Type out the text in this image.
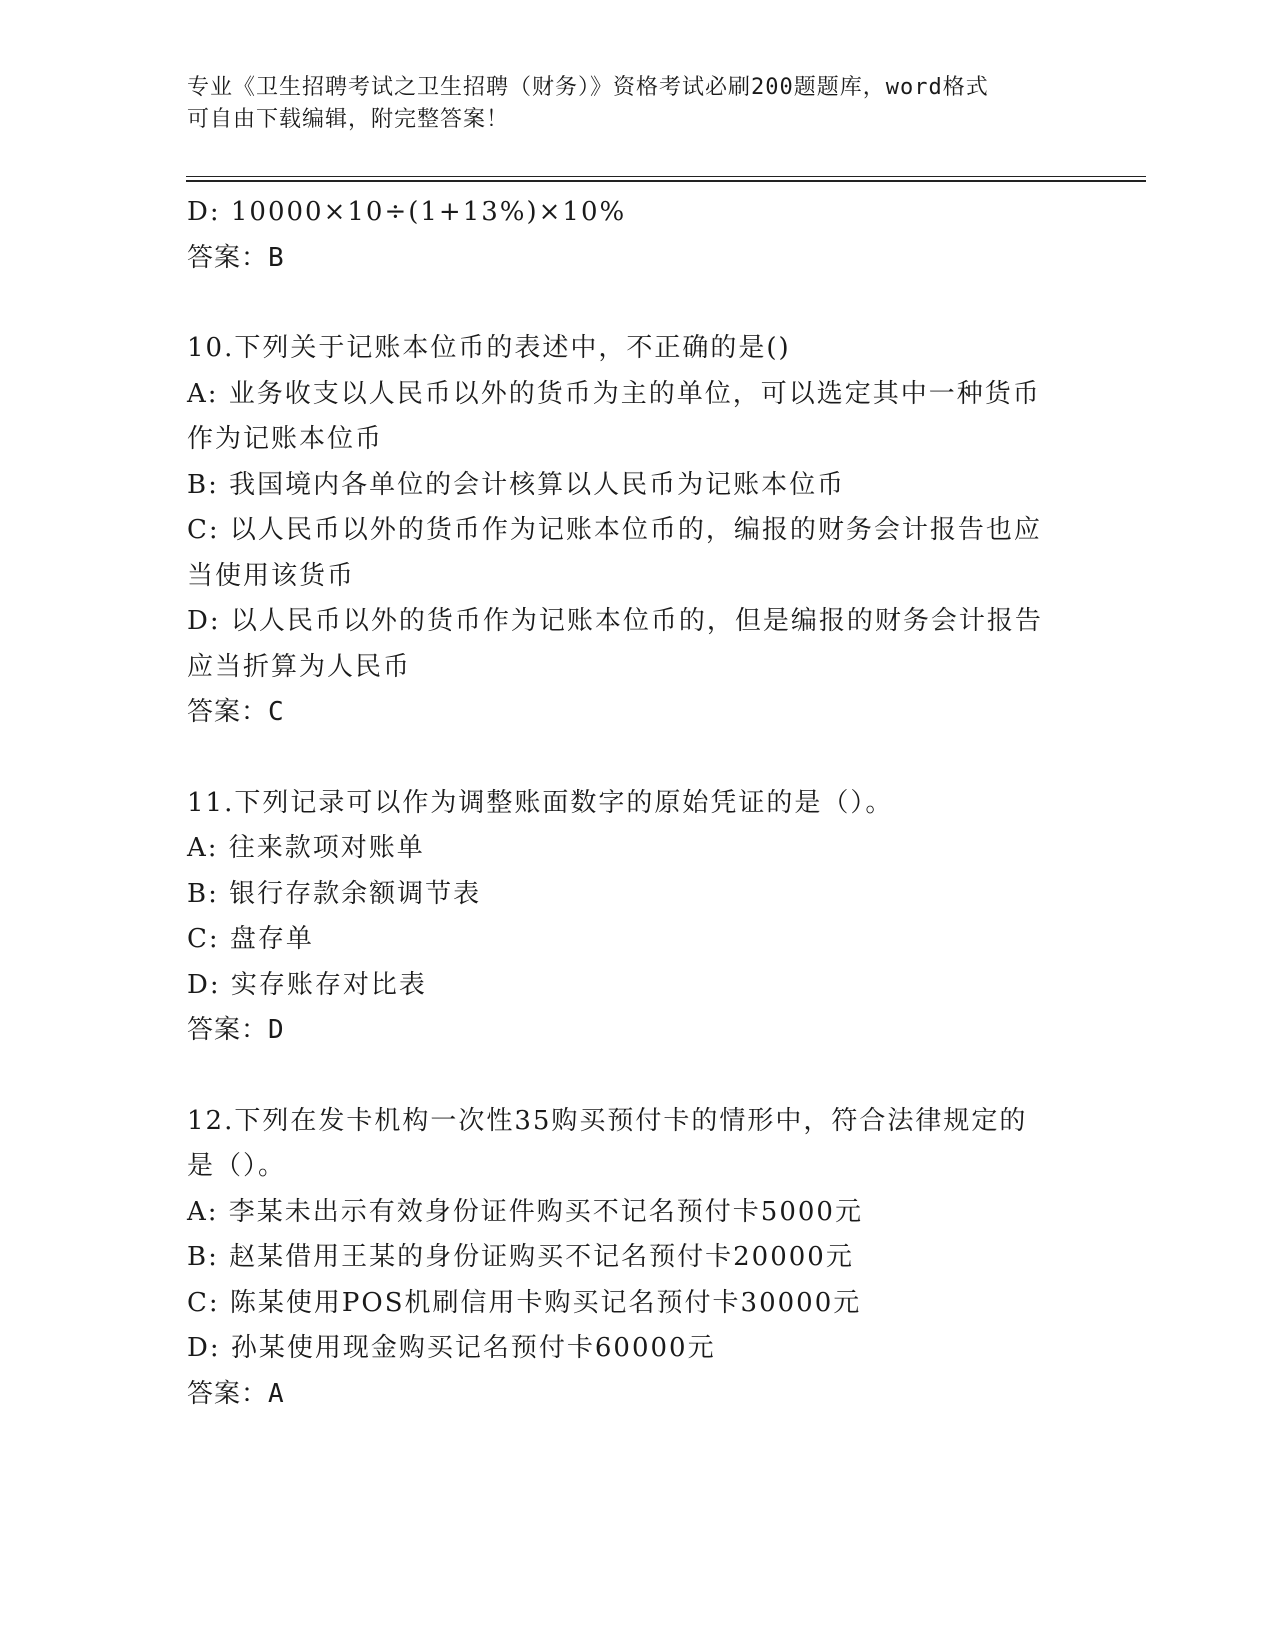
专业《卫生招聘考试之卫生招聘（财务）》资格考试必刷200题题库，word格式
可自由下载编辑，附完整答案！
D: 10000×10÷(1+13%)×10%
答案：B
10.下列关于记账本位币的表述中，不正确的是()
A: 业务收支以人民币以外的货币为主的单位，可以选定其中一种货币
作为记账本位币
B: 我国境内各单位的会计核算以人民币为记账本位币
C: 以人民币以外的货币作为记账本位币的，编报的财务会计报告也应
当使用该货币
D: 以人民币以外的货币作为记账本位币的，但是编报的财务会计报告
应当折算为人民币
答案：C
11.下列记录可以作为调整账面数字的原始凭证的是（）。
A: 往来款项对账单
B: 银行存款余额调节表
C: 盘存单
D: 实存账存对比表
答案：D
12.下列在发卡机构一次性35购买预付卡的情形中，符合法律规定的
是（）。
A: 李某未出示有效身份证件购买不记名预付卡5000元
B: 赵某借用王某的身份证购买不记名预付卡20000元
C: 陈某使用POS机刷信用卡购买记名预付卡30000元
D: 孙某使用现金购买记名预付卡60000元
答案：A
